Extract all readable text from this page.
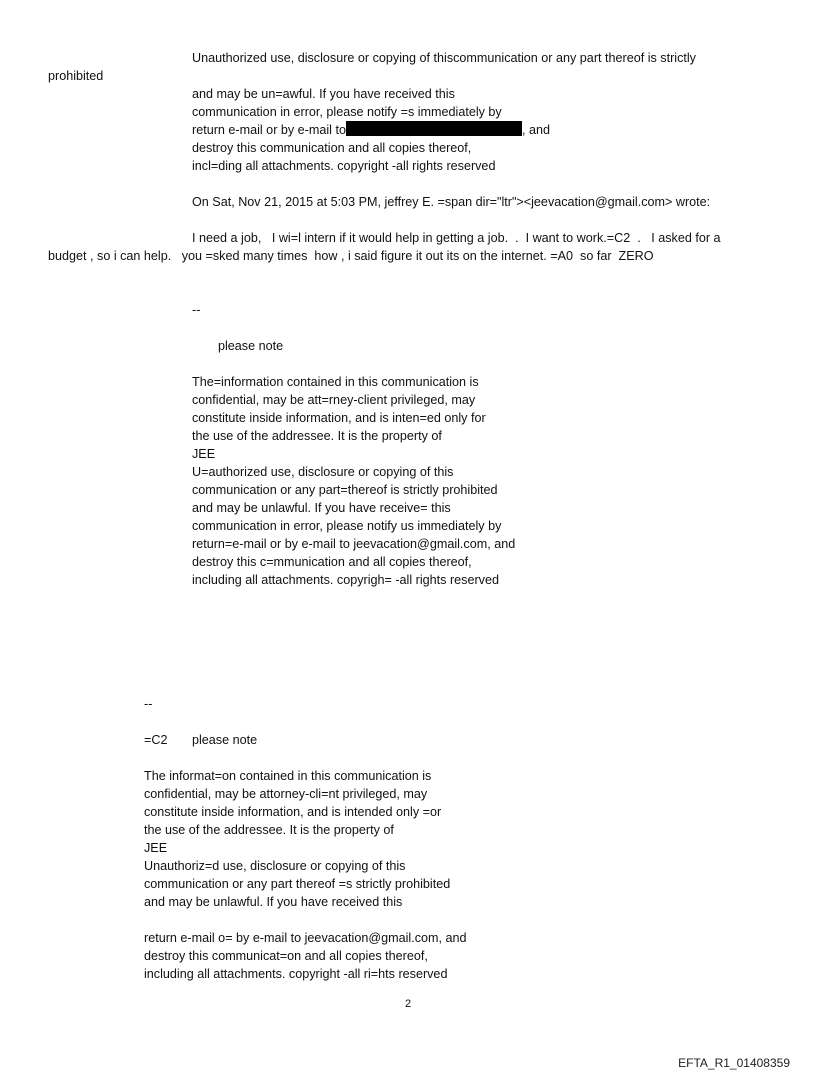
Unauthorized use, disclosure or copying of thiscommunication or any part thereof is strictly
prohibited
and may be un=awful. If you have received this
communication in error, please notify =s immediately by
return e-mail or by e-mail to	, and
destroy this communication and all copies thereof,
incl=ding all attachments. copyright -all rights reserved
On Sat, Nov 21, 2015 at 5:03 PM, jeffrey E. =span dir="ltr"><jeevacation@gmail.com> wrote:
I need a job,   I wi=l intern if it would help in getting a job.  .  I want to work.=C2  .   I asked for a
budget , so i can help.   you =sked many times  how , i said figure it out its on the internet. =A0  so far  ZERO
--
please note
The=information contained in this communication is
confidential, may be att=rney-client privileged, may
constitute inside information, and is inten=ed only for
the use of the addressee. It is the property of
JEE
U=authorized use, disclosure or copying of this
communication or any part=thereof is strictly prohibited
and may be unlawful. If you have receive= this
communication in error, please notify us immediately by
return=e-mail or by e-mail to jeevacation@gmail.com, and
destroy this c=mmunication and all copies thereof,
including all attachments. copyrigh= -all rights reserved
--
=C2 please note
The informat=on contained in this communication is
confidential, may be attorney-cli=nt privileged, may
constitute inside information, and is intended only =or
the use of the addressee. It is the property of
JEE
Unauthoriz=d use, disclosure or copying of this
communication or any part thereof =s strictly prohibited
and may be unlawful. If you have received this
return e-mail o= by e-mail to jeevacation@gmail.com, and
destroy this communicat=on and all copies thereof,
including all attachments. copyright -all ri=hts reserved
2
EFTA_R1_01408359
